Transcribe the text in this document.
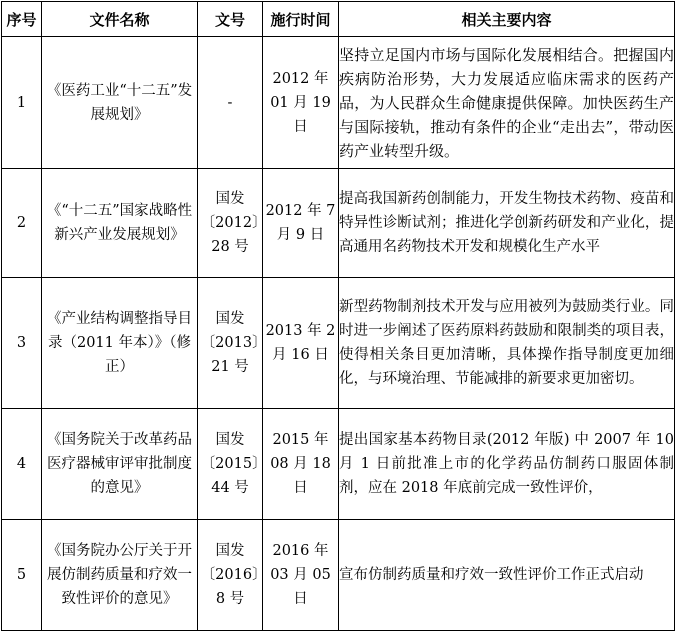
序号	文件名称	文号	施行时间	相关主要内容
1	《医药工业“十二五”发展规划》	-	2012 年 01 月 19 日	坚持立足国内市场与国际化发展相结合。把握国内疾病防治形势，大力发展适应临床需求的医药产品，为人民群众生命健康提供保障。加快医药生产与国际接轨，推动有条件的企业“走出去”，带动医药产业转型升级。
2	《“十二五”国家战略性新兴产业发展规划》	国发〔2012〕28 号	2012 年 7 月 9 日	提高我国新药创制能力，开发生物技术药物、疫苗和特异性诊断试剂；推进化学创新药研发和产业化，提高通用名药物技术开发和规模化生产水平
3	《产业结构调整指导目录（2011 年本）》（修正）	国发〔2013〕21 号	2013 年 2 月 16 日	新型药物制剂技术开发与应用被列为鼓励类行业。同时进一步阐述了医药原料药鼓励和限制类的项目表，使得相关条目更加清晰，具体操作指导制度更加细化，与环境治理、节能减排的新要求更加密切。
4	《国务院关于改革药品医疗器械审评审批制度的意见》	国发〔2015〕44 号	2015 年 08 月 18 日	提出国家基本药物目录(2012 年版) 中 2007 年 10 月 1 日前批准上市的化学药品仿制药口服固体制剂，应在 2018 年底前完成一致性评价，
5	《国务院办公厅关于开展仿制药质量和疗效一致性评价的意见》	国发〔2016〕8 号	2016 年 03 月 05 日	宣布仿制药质量和疗效一致性评价工作正式启动
